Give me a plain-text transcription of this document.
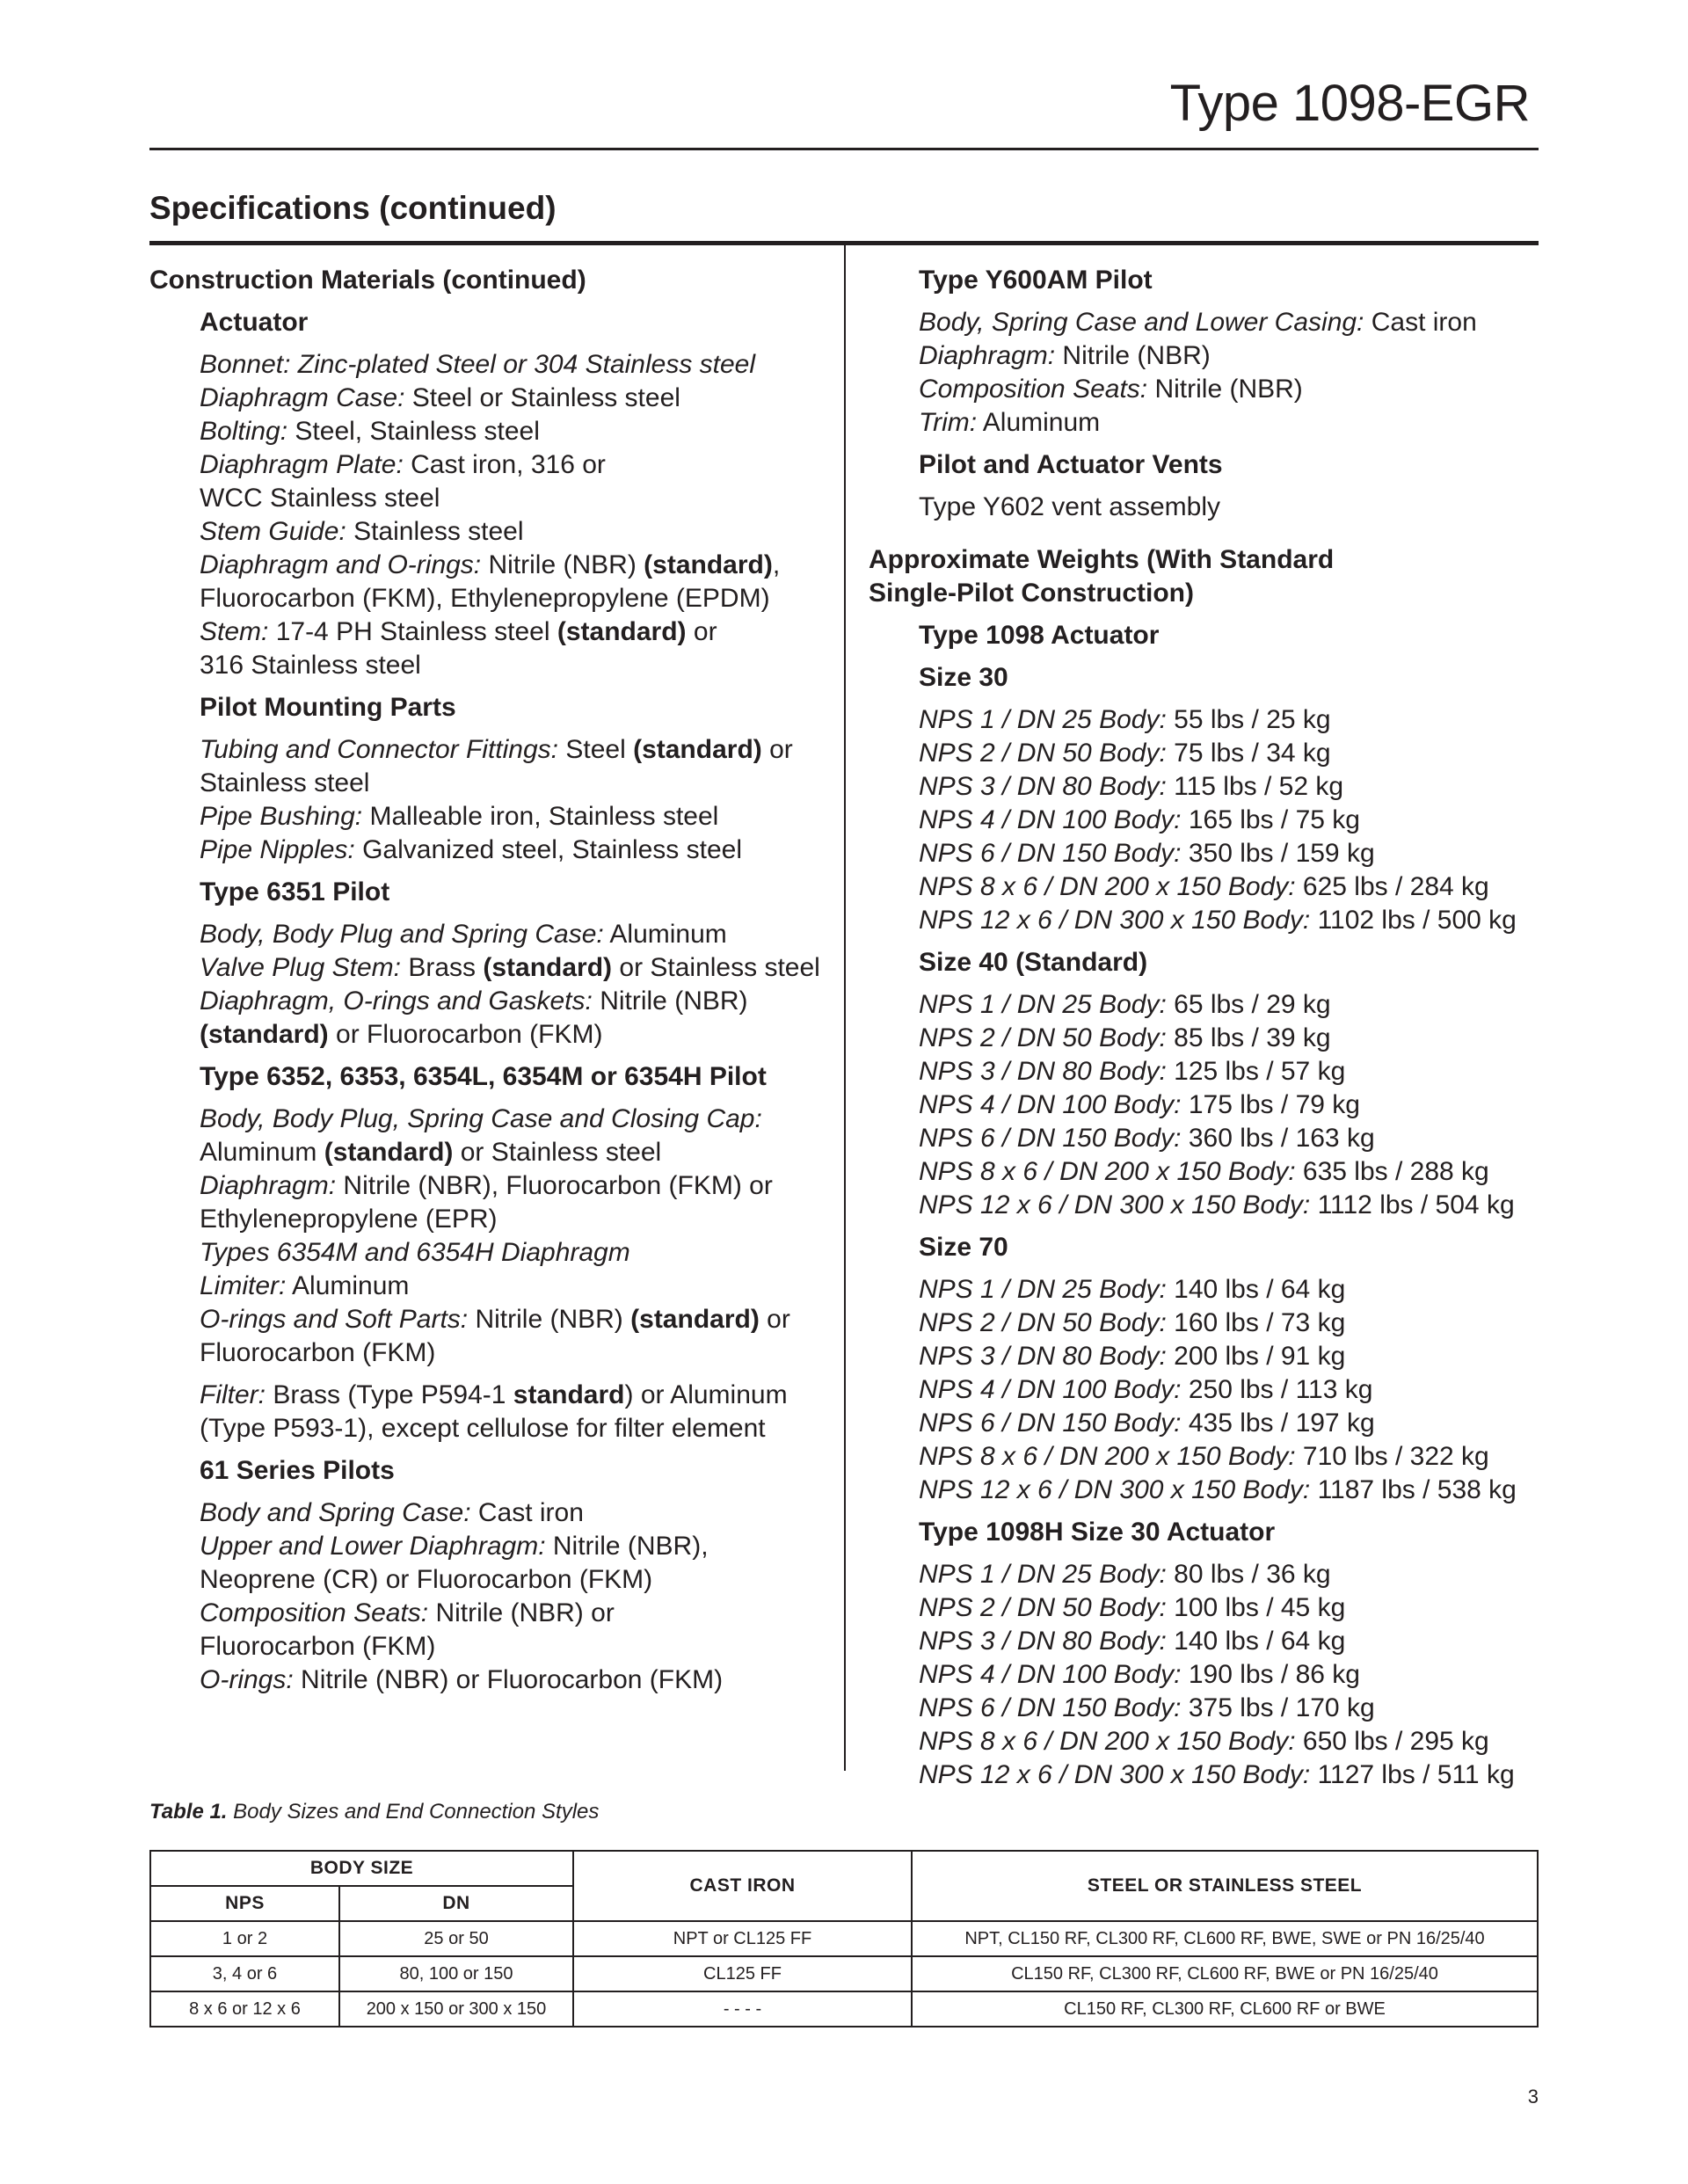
Type 1098-EGR
Specifications (continued)
Construction Materials (continued)
Actuator

Bonnet: Zinc-plated Steel or 304 Stainless steel

Diaphragm Case: Steel or Stainless steel

Bolting: Steel, Stainless steel

Diaphragm Plate: Cast iron, 316 or

WCC Stainless steel

Stem Guide: Stainless steel

Diaphragm and O-rings: Nitrile (NBR) (standard),

Fluorocarbon (FKM), Ethylenepropylene (EPDM)

Stem: 17-4 PH Stainless steel (standard) or

316 Stainless steel

Pilot Mounting Parts

Tubing and Connector Fittings: Steel (standard) or

Stainless steel

Pipe Bushing: Malleable iron, Stainless steel

Pipe Nipples: Galvanized steel, Stainless steel

Type 6351 Pilot

Body, Body Plug and Spring Case: Aluminum

Valve Plug Stem: Brass (standard) or Stainless steel

Diaphragm, O-rings and Gaskets: Nitrile (NBR)

(standard) or Fluorocarbon (FKM)

Type 6352, 6353, 6354L, 6354M or 6354H Pilot

Body, Body Plug, Spring Case and Closing Cap:

Aluminum (standard) or Stainless steel

Diaphragm: Nitrile (NBR), Fluorocarbon (FKM) or

Ethylenepropylene (EPR)

Types 6354M and 6354H Diaphragm

Limiter: Aluminum

O-rings and Soft Parts: Nitrile (NBR) (standard) or

Fluorocarbon (FKM)

Filter: Brass (Type P594-1 standard) or Aluminum

(Type P593-1), except cellulose for filter element

61 Series Pilots

Body and Spring Case: Cast iron

Upper and Lower Diaphragm: Nitrile (NBR),

Neoprene (CR) or Fluorocarbon (FKM)

Composition Seats: Nitrile (NBR) or

Fluorocarbon (FKM)

O-rings: Nitrile (NBR) or Fluorocarbon (FKM)

Type Y600AM Pilot

Body, Spring Case and Lower Casing: Cast iron

Diaphragm: Nitrile (NBR)

Composition Seats: Nitrile (NBR)

Trim: Aluminum

Pilot and Actuator Vents

Type Y602 vent assembly

Approximate Weights (With Standard
Single-Pilot Construction)
Type 1098 Actuator
Size 30

NPS 1 / DN 25 Body: 55 lbs / 25 kg

NPS 2 / DN 50 Body: 75 lbs / 34 kg

NPS 3 / DN 80 Body: 115 lbs / 52 kg

NPS 4 / DN 100 Body: 165 lbs / 75 kg

NPS 6 / DN 150 Body: 350 lbs / 159 kg

NPS 8 x 6 / DN 200 x 150 Body: 625 lbs / 284 kg

NPS 12 x 6 / DN 300 x 150 Body: 1102 lbs / 500 kg

Size 40 (Standard)

NPS 1 / DN 25 Body: 65 lbs / 29 kg

NPS 2 / DN 50 Body: 85 lbs / 39 kg

NPS 3 / DN 80 Body: 125 lbs / 57 kg

NPS 4 / DN 100 Body: 175 lbs / 79 kg

NPS 6 / DN 150 Body: 360 lbs / 163 kg

NPS 8 x 6 / DN 200 x 150 Body: 635 lbs / 288 kg

NPS 12 x 6 / DN 300 x 150 Body: 1112 lbs / 504 kg

Size 70

NPS 1 / DN 25 Body: 140 lbs / 64 kg

NPS 2 / DN 50 Body: 160 lbs / 73 kg

NPS 3 / DN 80 Body: 200 lbs / 91 kg

NPS 4 / DN 100 Body: 250 lbs / 113 kg

NPS 6 / DN 150 Body: 435 lbs / 197 kg

NPS 8 x 6 / DN 200 x 150 Body: 710 lbs / 322 kg

NPS 12 x 6 / DN 300 x 150 Body: 1187 lbs / 538 kg

Type 1098H Size 30 Actuator

NPS 1 / DN 25 Body: 80 lbs / 36 kg

NPS 2 / DN 50 Body: 100 lbs / 45 kg

NPS 3 / DN 80 Body: 140 lbs / 64 kg

NPS 4 / DN 100 Body: 190 lbs / 86 kg

NPS 6 / DN 150 Body: 375 lbs / 170 kg

NPS 8 x 6 / DN 200 x 150 Body: 650 lbs / 295 kg

NPS 12 x 6 / DN 300 x 150 Body: 1127 lbs / 511 kg

Table 1. Body Sizes and End Connection Styles
BODY SIZE		CAST IRON	STEEL OR STAINLESS STEEL
NPS	DN		
1 or 2	25 or 50	NPT or CL125 FF	NPT, CL150 RF, CL300 RF, CL600 RF, BWE, SWE or PN 16/25/40
3, 4 or 6	80, 100 or 150	CL125 FF	CL150 RF, CL300 RF, CL600 RF, BWE or PN 16/25/40
8 x 6 or 12 x 6	200 x 150 or 300 x 150	- - - -	CL150 RF, CL300 RF, CL600 RF or BWE
3
